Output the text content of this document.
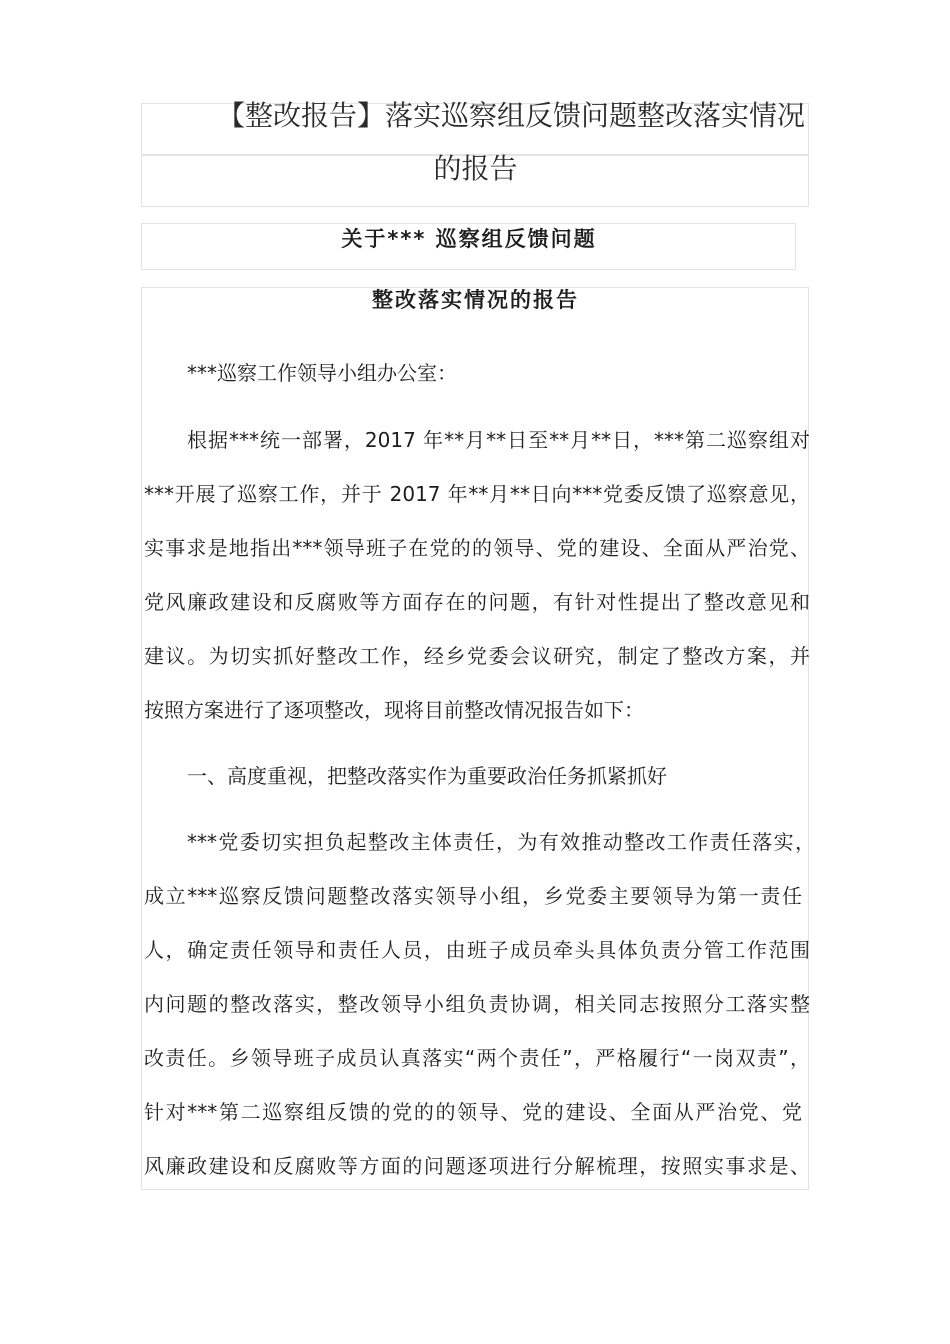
【整改报告】落实巡察组反馈问题整改落实情况
的报告
关于*** 巡察组反馈问题
整改落实情况的报告
***巡察工作领导小组办公室：
根据***统一部署，2017 年**月**日至**月**日，***第二巡察组对
***开展了巡察工作，并于 2017 年**月**日向***党委反馈了巡察意见，
实事求是地指出***领导班子在党的的领导、党的建设、全面从严治党、
党风廉政建设和反腐败等方面存在的问题，有针对性提出了整改意见和
建议。为切实抓好整改工作，经乡党委会议研究，制定了整改方案，并
按照方案进行了逐项整改，现将目前整改情况报告如下：
一、高度重视，把整改落实作为重要政治任务抓紧抓好
***党委切实担负起整改主体责任，为有效推动整改工作责任落实，
成立***巡察反馈问题整改落实领导小组，乡党委主要领导为第一责任
人，确定责任领导和责任人员，由班子成员牵头具体负责分管工作范围
内问题的整改落实，整改领导小组负责协调，相关同志按照分工落实整
改责任。乡领导班子成员认真落实“两个责任”，严格履行“一岗双责”，
针对***第二巡察组反馈的党的的领导、党的建设、全面从严治党、党
风廉政建设和反腐败等方面的问题逐项进行分解梳理，按照实事求是、
